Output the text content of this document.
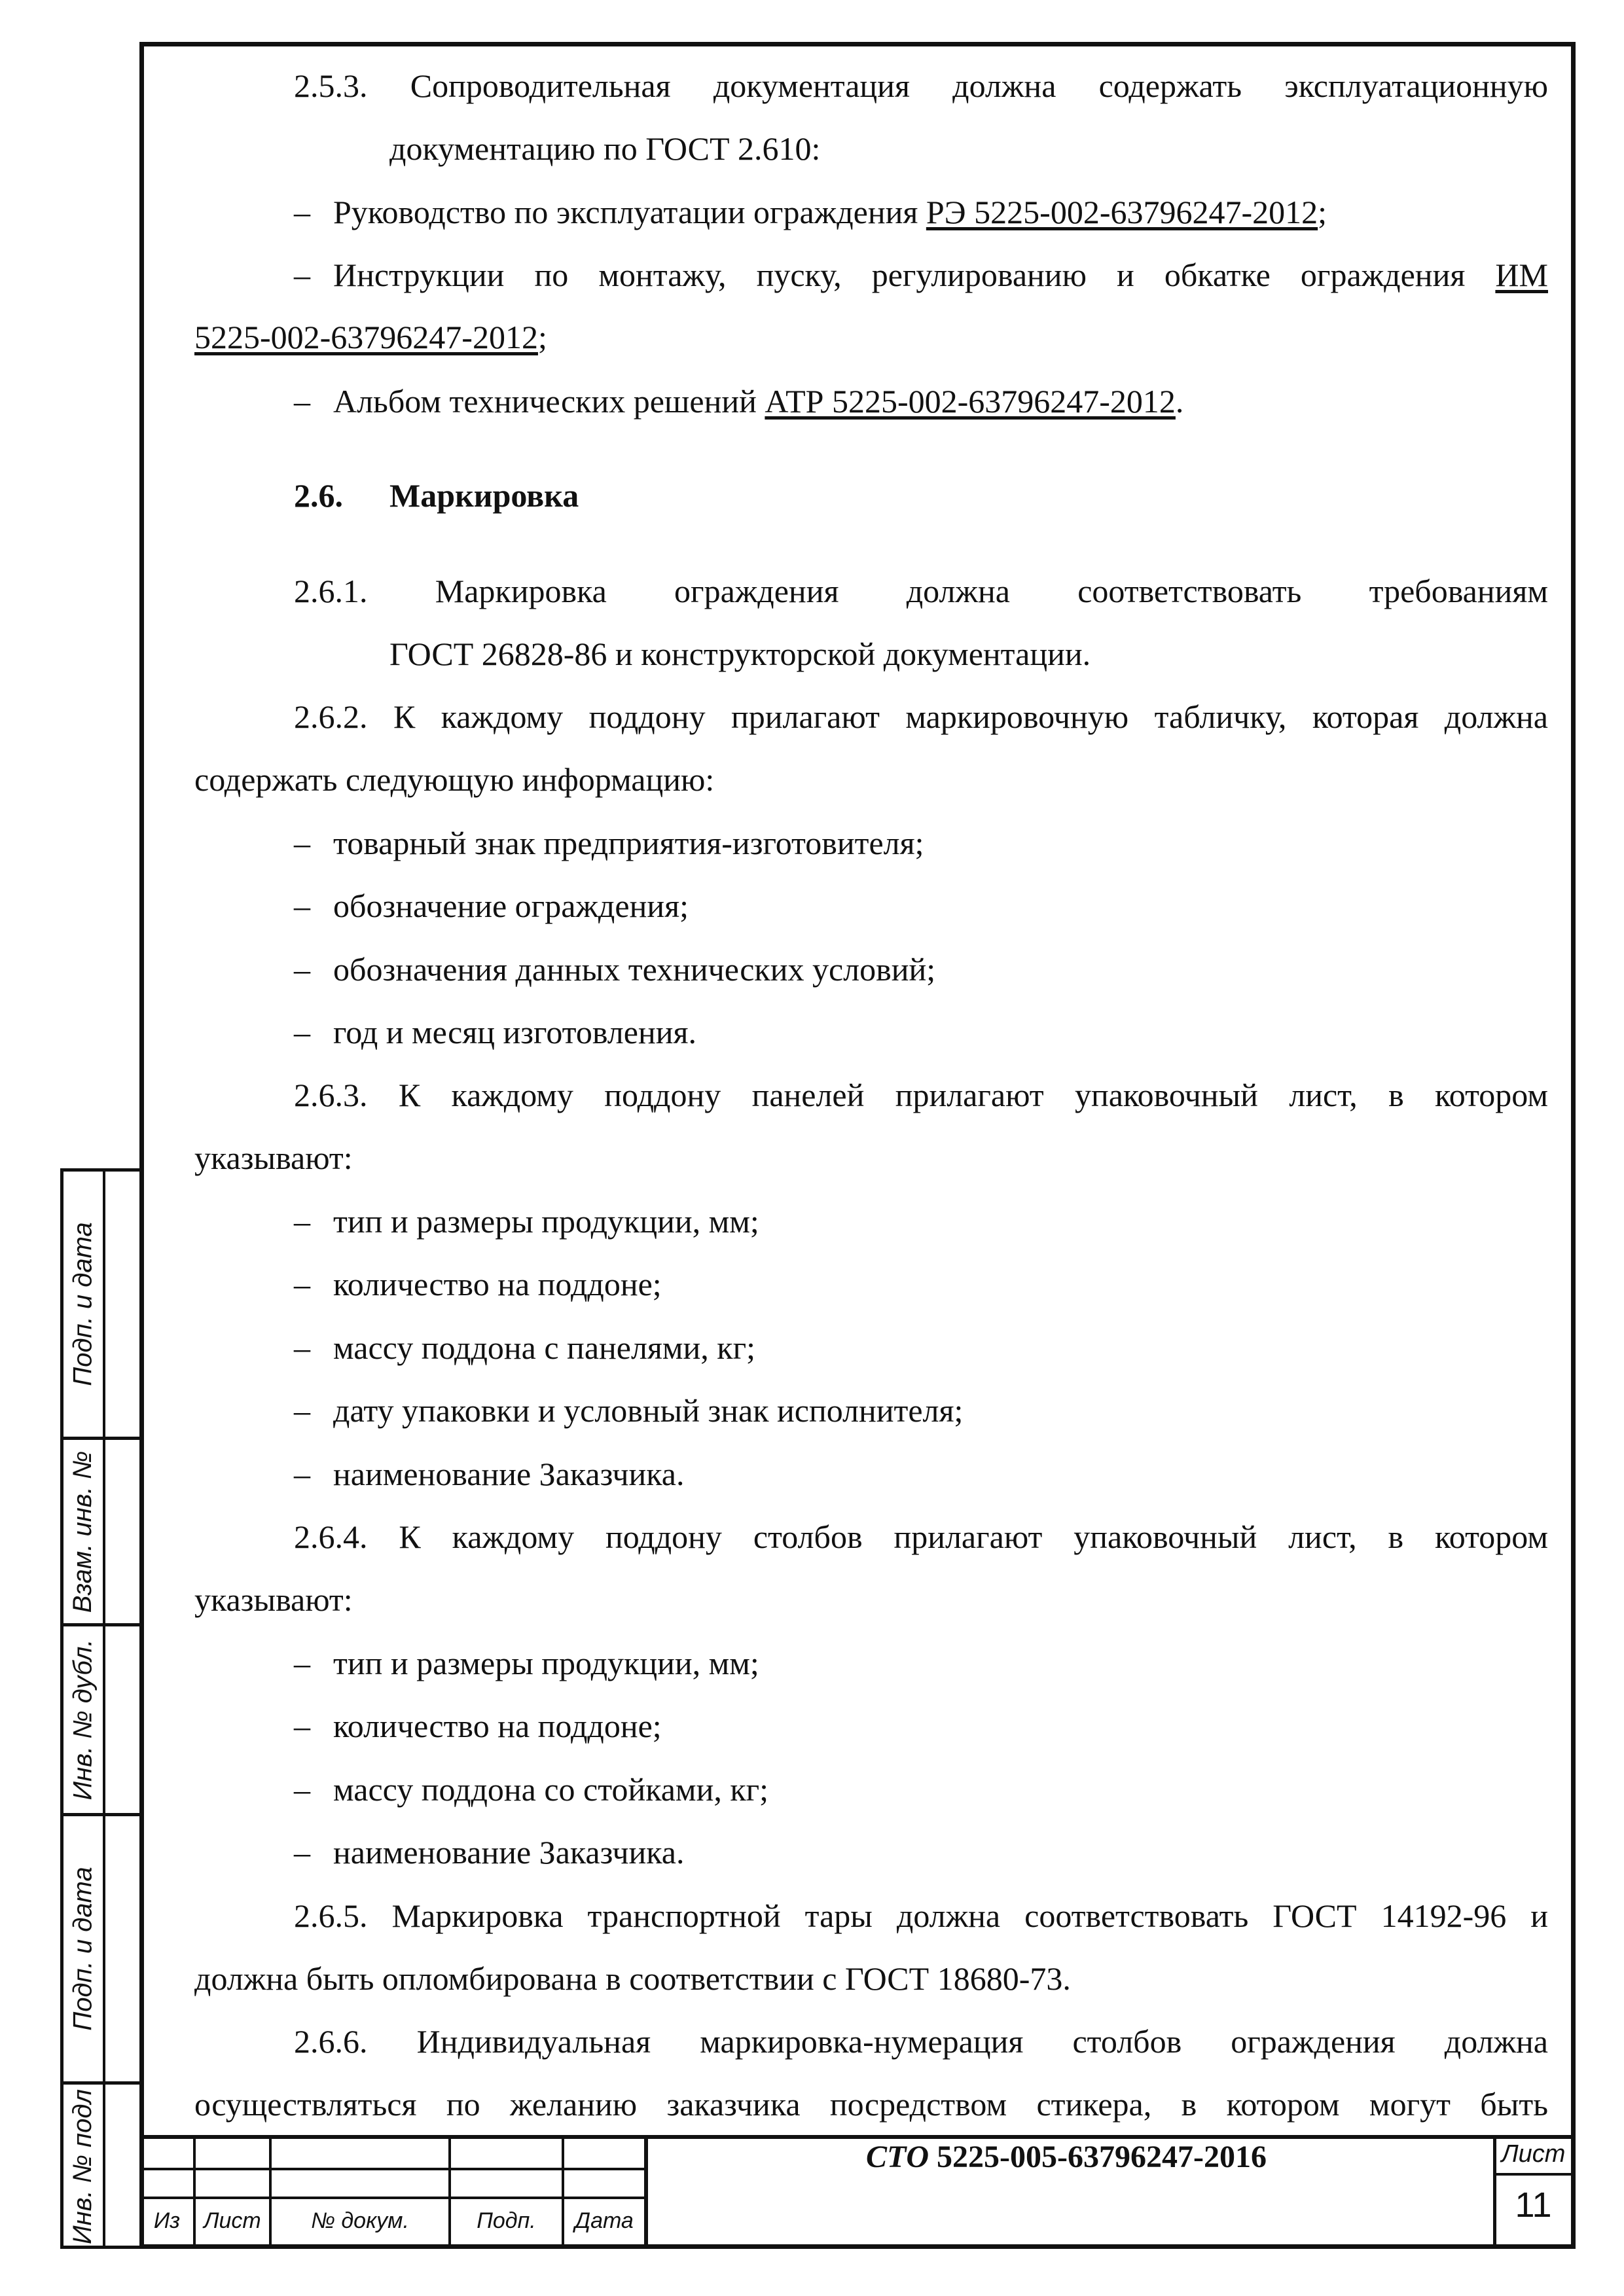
Подп. и дата
Взам. инв. №
Инв. № дубл.
Подп. и дата
Инв. № подл
2.5.3. Сопроводительная документация должна содержать эксплуатационную
документацию по ГОСТ 2.610:
– Руководство по эксплуатации ограждения РЭ 5225-002-63796247-2012;
– Инструкции по монтажу, пуску, регулированию и обкатке ограждения ИМ
5225-002-63796247-2012;
– Альбом технических решений АТР 5225-002-63796247-2012.
2.6.	Маркировка
2.6.1. Маркировка ограждения должна соответствовать требованиям
ГОСТ 26828-86 и конструкторской документации.
2.6.2. К каждому поддону прилагают маркировочную табличку, которая должна
содержать следующую информацию:
– товарный знак предприятия-изготовителя;
– обозначение ограждения;
– обозначения данных технических условий;
– год и месяц изготовления.
2.6.3. К каждому поддону панелей прилагают упаковочный лист, в котором
указывают:
– тип и размеры продукции, мм;
– количество на поддоне;
– массу поддона с панелями, кг;
– дату упаковки и условный знак исполнителя;
– наименование Заказчика.
2.6.4. К каждому поддону столбов прилагают упаковочный лист, в котором
указывают:
– тип и размеры продукции, мм;
– количество на поддоне;
– массу поддона со стойками, кг;
– наименование Заказчика.
2.6.5. Маркировка транспортной тары должна соответствовать ГОСТ 14192-96 и
должна быть опломбирована в соответствии с ГОСТ 18680-73.
2.6.6. Индивидуальная маркировка-нумерация столбов ограждения должна
осуществляться по желанию заказчика посредством стикера, в котором могут быть
Из	Лист	№ докум.	Подп.	Дата
СТО 5225-005-63796247-2016	Лист
11
